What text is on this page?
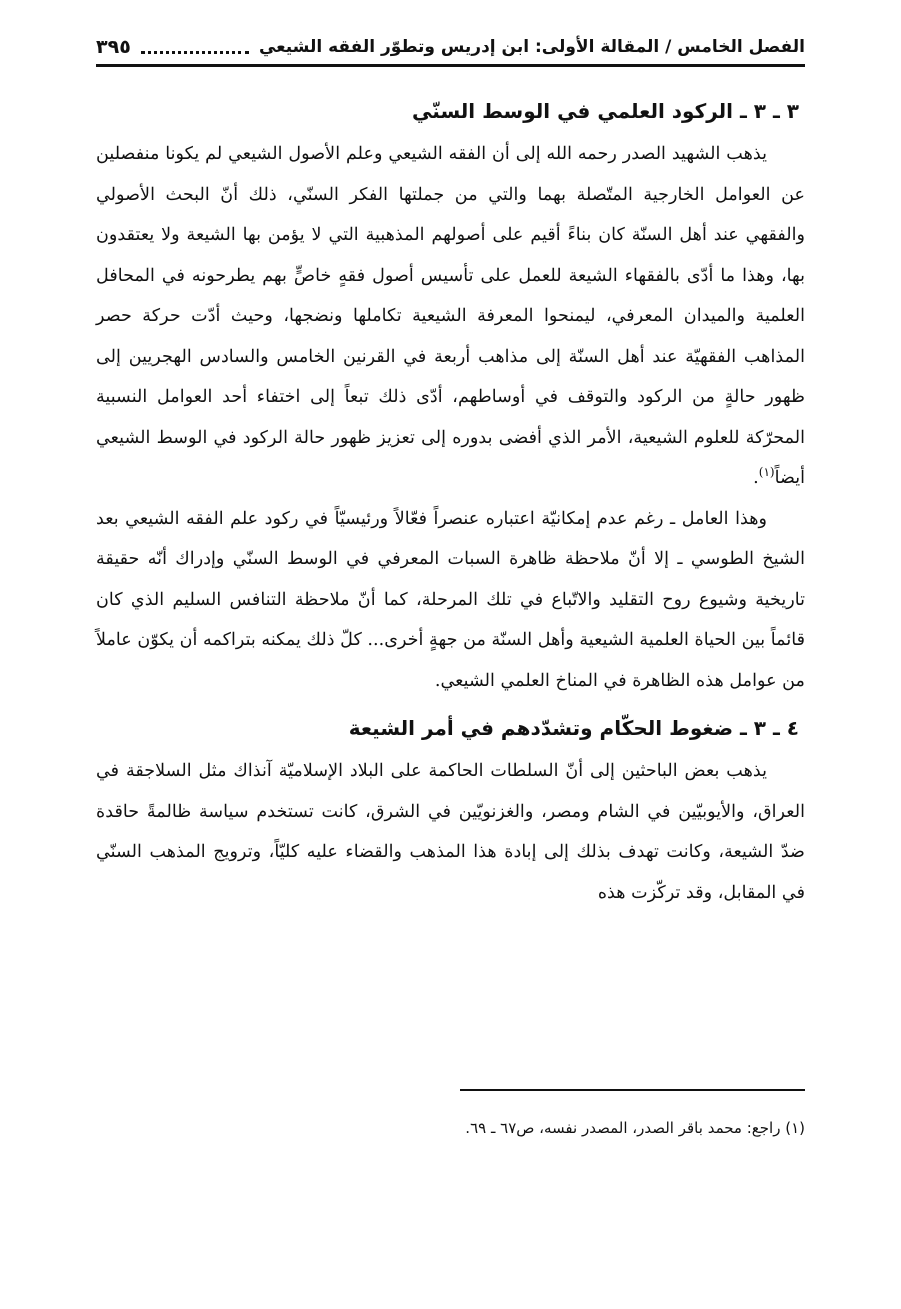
الفصل الخامس / المقالة الأولى: ابن إدريس وتطوّر الفقه الشيعي
٣٩٥
٣ ـ ٣ ـ الركود العلمي في الوسط السنّي

يذهب الشهيد الصدر رحمه الله إلى أن الفقه الشيعي وعلم الأصول الشيعي لم يكونا منفصلين عن العوامل الخارجية المتّصلة بهما والتي من جملتها الفكر السنّي، ذلك أنّ البحث الأصولي والفقهي عند أهل السنّة كان بناءً أقيم على أصولهم المذهبية التي لا يؤمن بها الشيعة ولا يعتقدون بها، وهذا ما أدّى بالفقهاء الشيعة للعمل على تأسيس أصول فقهٍ خاصٍّ بهم يطرحونه في المحافل العلمية والميدان المعرفي، ليمنحوا المعرفة الشيعية تكاملها ونضجها، وحيث أدّت حركة حصر المذاهب الفقهيّة عند أهل السنّة إلى مذاهب أربعة في القرنين الخامس والسادس الهجريين إلى ظهور حالةٍ من الركود والتوقف في أوساطهم، أدّى ذلك تبعاً إلى اختفاء أحد العوامل النسبية المحرّكة للعلوم الشيعية، الأمر الذي أفضى بدوره إلى تعزيز ظهور حالة الركود في الوسط الشيعي أيضاً$^{(١)}$.

وهذا العامل ـ رغم عدم إمكانيّة اعتباره عنصراً فعّالاً ورئيسيّاً في ركود علم الفقه الشيعي بعد الشيخ الطوسي ـ إلا أنّ ملاحظة ظاهرة السبات المعرفي في الوسط السنّي وإدراك أنّه حقيقة تاريخية وشيوع روح التقليد والاتّباع في تلك المرحلة، كما أنّ ملاحظة التنافس السليم الذي كان قائماً بين الحياة العلمية الشيعية وأهل السنّة من جهةٍ أخرى... كلّ ذلك يمكنه بتراكمه أن يكوّن عاملاً من عوامل هذه الظاهرة في المناخ العلمي الشيعي.

٤ ـ ٣ ـ ضغوط الحكّام وتشدّدهم في أمر الشيعة

يذهب بعض الباحثين إلى أنّ السلطات الحاكمة على البلاد الإسلاميّة آنذاك مثل السلاجقة في العراق، والأيوبيّين في الشام ومصر، والغزنويّين في الشرق، كانت تستخدم سياسة ظالمةً حاقدة ضدّ الشيعة، وكانت تهدف بذلك إلى إبادة هذا المذهب والقضاء عليه كليّاً، وترويج المذهب السنّي في المقابل، وقد تركّزت هذه

(١) راجع: محمد باقر الصدر، المصدر نفسه، ص٦٧ ـ ٦٩.
